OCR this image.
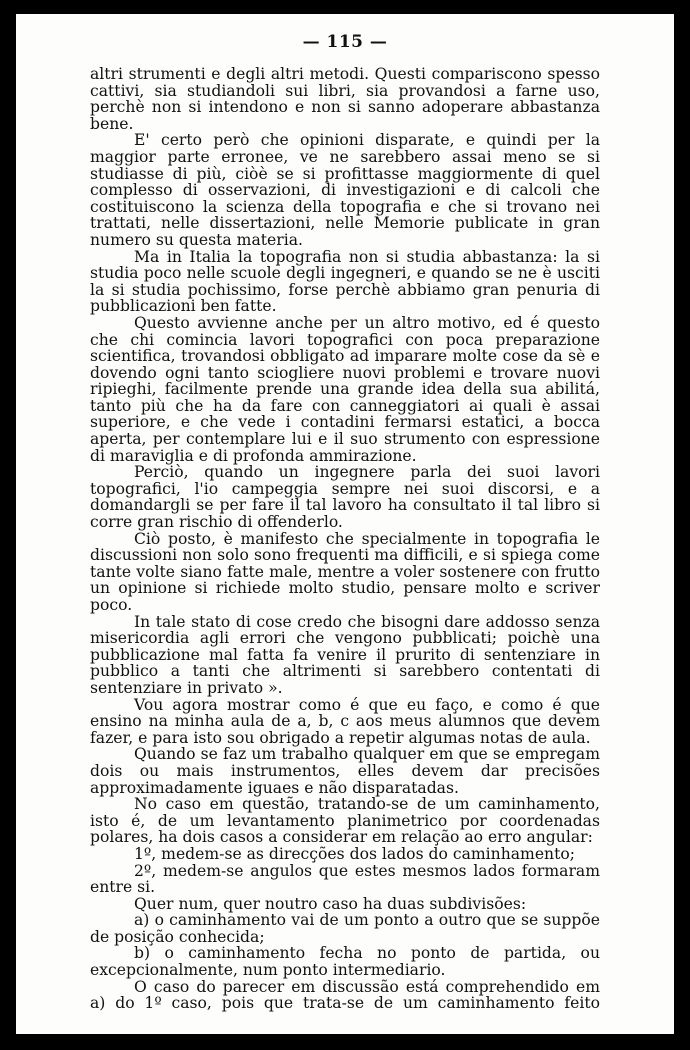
— 115 —

altri strumenti e degli altri metodi. Questi compariscono spesso cattivi, sia studiandoli sui libri, sia provandosi a farne uso, perchè non si intendono e non si sanno adoperare abbastanza bene.

E' certo però che opinioni disparate, e quindi per la maggior parte erronee, ve ne sarebbero assai meno se si studiasse di più, ciòè se si profittasse maggiormente di quel complesso di osservazioni, di investigazioni e di calcoli che costituiscono la scienza della topografia e che si trovano nei trattati, nelle dissertazioni, nelle Memorie publicate in gran numero su questa materia.

Ma in Italia la topografia non si studia abbastanza: la si studia poco nelle scuole degli ingegneri, e quando se ne è usciti la si studia pochissimo, forse perchè abbiamo gran penuria di pubblicazioni ben fatte.

Questo avvienne anche per un altro motivo, ed é questo che chi comincia lavori topografici con poca preparazione scientifica, trovandosi obbligato ad imparare molte cose da sè e dovendo ogni tanto sciogliere nuovi problemi e trovare nuovi ripieghi, facilmente prende una grande idea della sua abilitá, tanto più che ha da fare con canneggiatori ai quali è assai superiore, e che vede i contadini fermarsi estatici, a bocca aperta, per contemplare lui e il suo strumento con espressione di maraviglia e di profonda ammirazione.

Perciò, quando un ingegnere parla dei suoi lavori topografici, l'io campeggia sempre nei suoi discorsi, e a domandargli se per fare il tal lavoro ha consultato il tal libro si corre gran rischio di offenderlo.

Ciò posto, è manifesto che specialmente in topografia le discussioni non solo sono frequenti ma difficili, e si spiega come tante volte siano fatte male, mentre a voler sostenere con frutto un opinione si richiede molto studio, pensare molto e scriver poco.

In tale stato di cose credo che bisogni dare addosso senza misericordia agli errori che vengono pubblicati; poichè una pubblicazione mal fatta fa venire il prurito di sentenziare in pubblico a tanti che altrimenti si sarebbero contentati di sentenziare in privato ».

Vou agora mostrar como é que eu faço, e como é que ensino na minha aula de a, b, c aos meus alumnos que devem fazer, e para isto sou obrigado a repetir algumas notas de aula.

Quando se faz um trabalho qualquer em que se empregam dois ou mais instrumentos, elles devem dar precisões approximadamente iguaes e não disparatadas.

No caso em questão, tratando-se de um caminhamento, isto é, de um levantamento planimetrico por coordenadas polares, ha dois casos a considerar em relação ao erro angular:

1º, medem-se as direcções dos lados do caminhamento;

2º, medem-se angulos que estes mesmos lados formaram entre si.

Quer num, quer noutro caso ha duas subdivisões:

a) o caminhamento vai de um ponto a outro que se suppõe de posição conhecida;

b) o caminhamento fecha no ponto de partida, ou excepcionalmente, num ponto intermediario.

O caso do parecer em discussão está comprehendido em a) do 1º caso, pois que trata-se de um caminhamento feito
